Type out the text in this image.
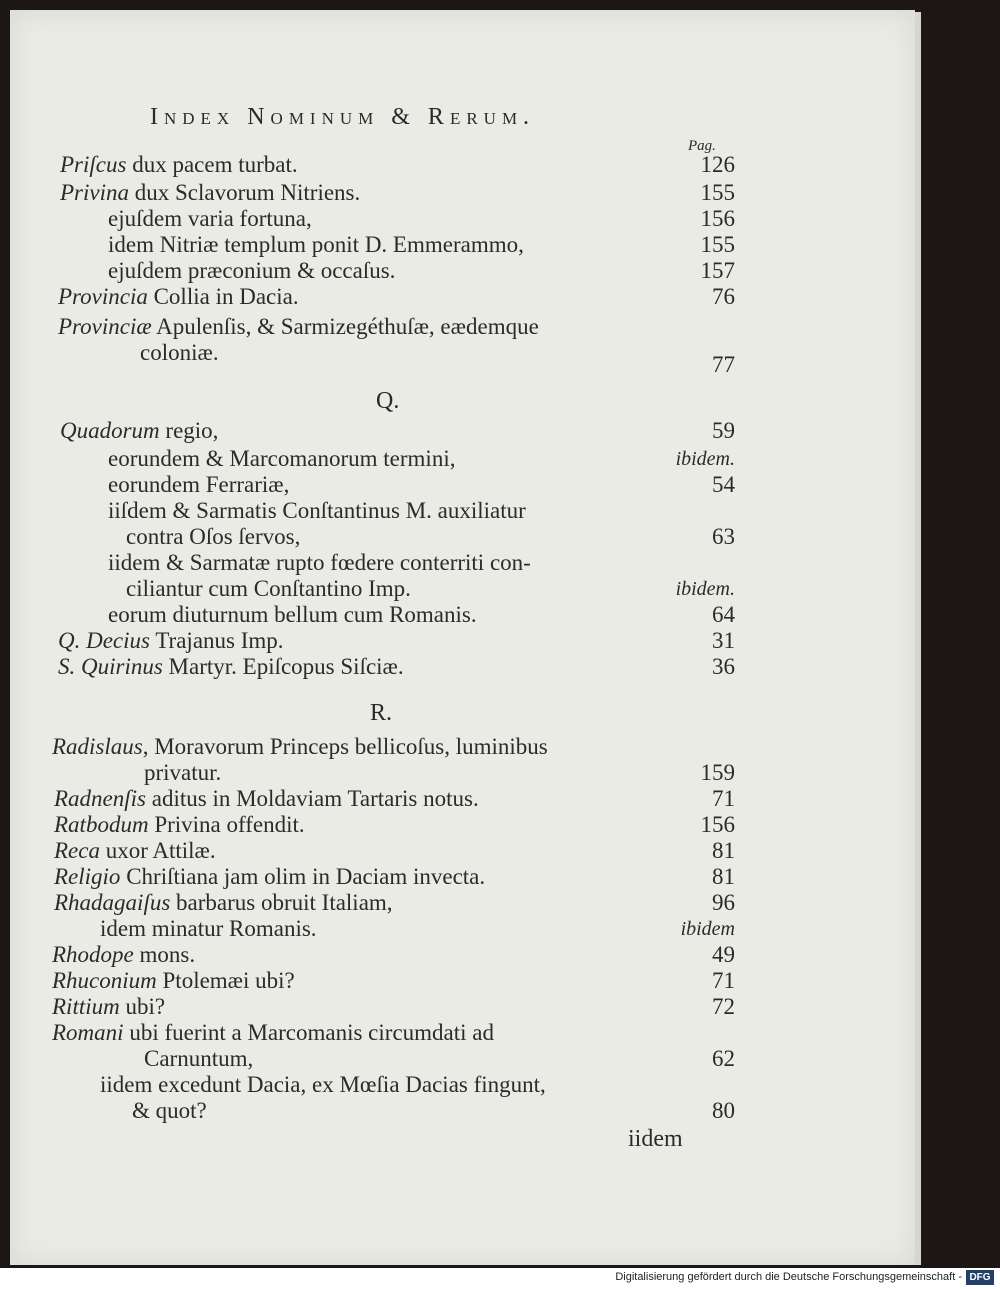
Index Nominum & Rerum.
Pag.
Q.
R.
Priſcus dux pacem turbat.	126
Privina dux Sclavorum Nitriens.	155
ejuſdem varia fortuna,	156
idem Nitriæ templum ponit D. Emmerammo,	155
ejuſdem præconium & occaſus.	157
Provincia Collia in Dacia.	76
Provinciæ Apulenſis, & Sarmizegéthuſæ, eædemque
coloniæ.	77
Quadorum regio,	59
eorundem & Marcomanorum termini,	ibidem.
eorundem Ferrariæ,	54
iiſdem & Sarmatis Conſtantinus M. auxiliatur
contra Oſos ſervos,	63
iidem & Sarmatæ rupto fœdere conterriti con-
ciliantur cum Conſtantino Imp.	ibidem.
eorum diuturnum bellum cum Romanis.	64
Q. Decius Trajanus Imp.	31
S. Quirinus Martyr. Epiſcopus Siſciæ.	36
Radislaus, Moravorum Princeps bellicoſus, luminibus
privatur.	159
Radnenſis aditus in Moldaviam Tartaris notus.	71
Ratbodum Privina offendit.	156
Reca uxor Attilæ.	81
Religio Chriſtiana jam olim in Daciam invecta.	81
Rhadagaiſus barbarus obruit Italiam,	96
idem minatur Romanis.	ibidem
Rhodope mons.	49
Rhuconium Ptolemæi ubi?	71
Rittium ubi?	72
Romani ubi fuerint a Marcomanis circumdati ad
Carnuntum,	62
iidem excedunt Dacia, ex Mœſia Dacias fingunt,
& quot?	80
iidem
Digitalisierung gefördert durch die Deutsche Forschungsgemeinschaft - DFG
